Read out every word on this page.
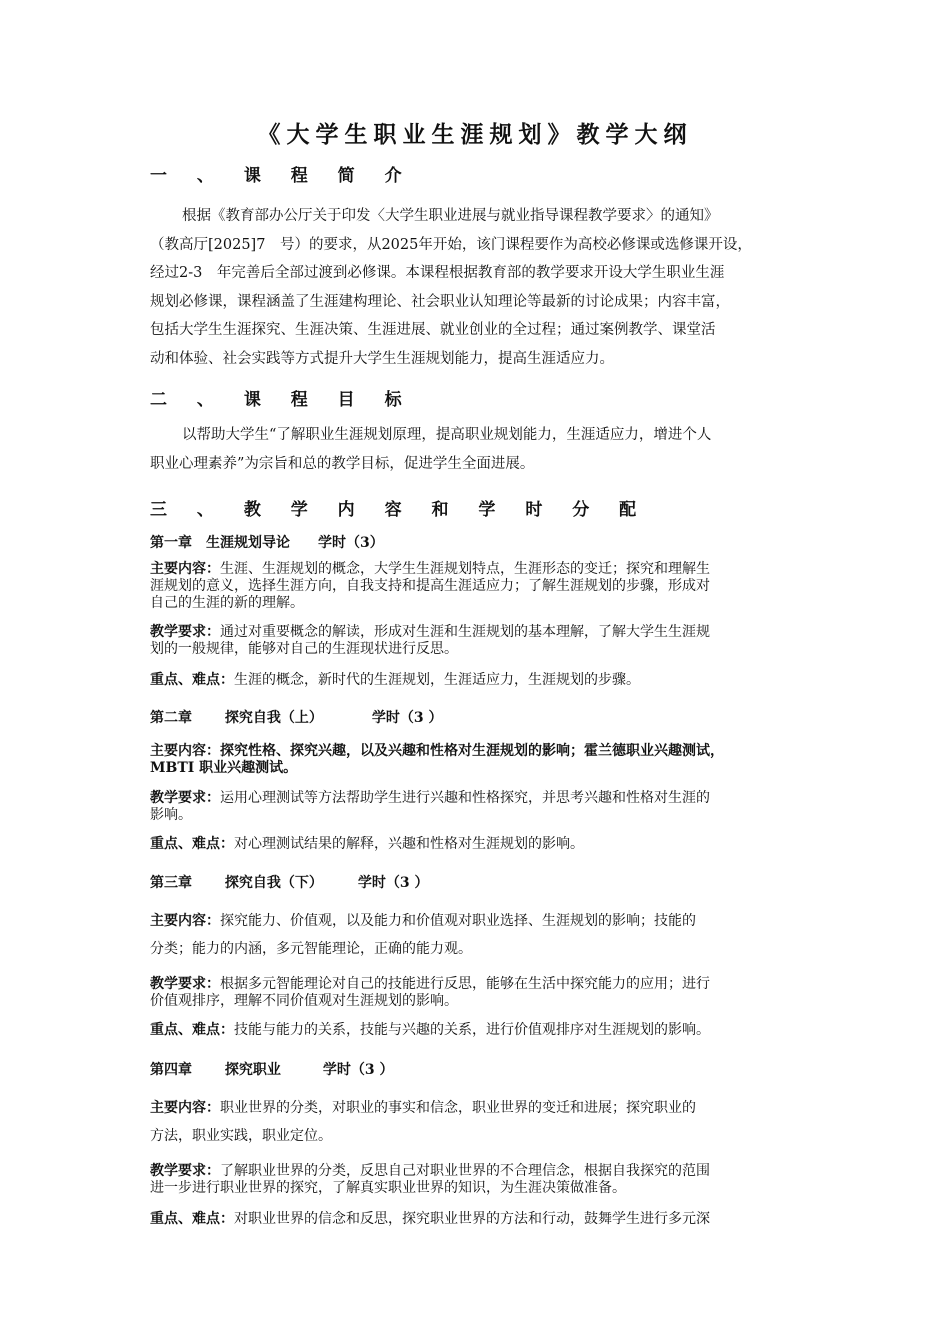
《大学生职业生涯规划》教学大纲
一 、 课 程 简 介
根据《教育部办公厅关于印发〈大学生职业进展与就业指导课程教学要求〉的通知》
（教高厅[2025]7　号）的要求，从2025年开始，该门课程要作为高校必修课或选修课开设，
经过2-3　年完善后全部过渡到必修课。本课程根据教育部的教学要求开设大学生职业生涯
规划必修课，课程涵盖了生涯建构理论、社会职业认知理论等最新的讨论成果；内容丰富，
包括大学生生涯探究、生涯决策、生涯进展、就业创业的全过程；通过案例教学、课堂活
动和体验、社会实践等方式提升大学生生涯规划能力，提高生涯适应力。
二 、 课 程 目 标
以帮助大学生“了解职业生涯规划原理，提高职业规划能力，生涯适应力，增进个人
职业心理素养”为宗旨和总的教学目标，促进学生全面进展。
三 、 教 学 内 容 和 学 时 分 配
第一章　生涯规划导论　　学时（3）
主要内容：生涯、生涯规划的概念，大学生生涯规划特点，生涯形态的变迁；探究和理解生
涯规划的意义，选择生涯方向，自我支持和提高生涯适应力；了解生涯规划的步骤，形成对
自己的生涯的新的理解。
教学要求：通过对重要概念的解读，形成对生涯和生涯规划的基本理解，了解大学生生涯规
划的一般规律，能够对自己的生涯现状进行反思。
重点、难点：生涯的概念，新时代的生涯规划，生涯适应力，生涯规划的步骤。
第二章　　 探究自我（上）　　　　学时（3 ）
主要内容：探究性格、探究兴趣，以及兴趣和性格对生涯规划的影响；霍兰德职业兴趣测试，
MBTI 职业兴趣测试。
教学要求：运用心理测试等方法帮助学生进行兴趣和性格探究，并思考兴趣和性格对生涯的
影响。
重点、难点：对心理测试结果的解释，兴趣和性格对生涯规划的影响。
第三章　　 探究自我（下）　　　学时（3 ）
主要内容：探究能力、价值观，以及能力和价值观对职业选择、生涯规划的影响；技能的
分类；能力的内涵，多元智能理论，正确的能力观。
教学要求：根据多元智能理论对自己的技能进行反思，能够在生活中探究能力的应用；进行
价值观排序，理解不同价值观对生涯规划的影响。
重点、难点：技能与能力的关系，技能与兴趣的关系，进行价值观排序对生涯规划的影响。
第四章　　 探究职业　　　学时（3 ）
主要内容：职业世界的分类，对职业的事实和信念，职业世界的变迁和进展；探究职业的
方法，职业实践，职业定位。
教学要求：了解职业世界的分类，反思自己对职业世界的不合理信念，根据自我探究的范围
进一步进行职业世界的探究，了解真实职业世界的知识，为生涯决策做准备。
重点、难点：对职业世界的信念和反思，探究职业世界的方法和行动，鼓舞学生进行多元深
